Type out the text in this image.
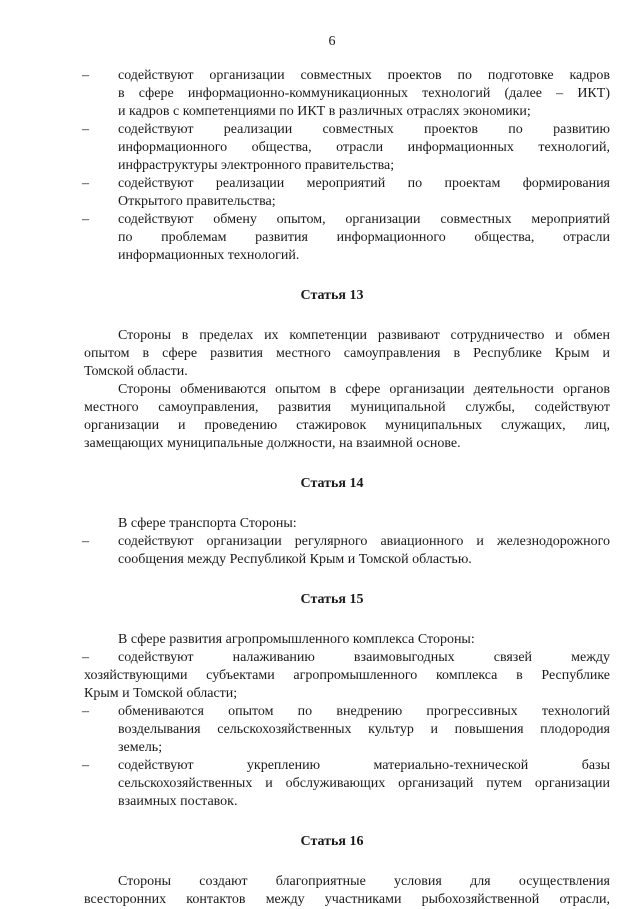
6
– содействуют организации совместных проектов по подготовке кадров
в сфере информационно-коммуникационных технологий (далее – ИКТ)
и кадров с компетенциями по ИКТ в различных отраслях экономики;
– содействуют реализации совместных проектов по развитию
информационного общества, отрасли информационных технологий,
инфраструктуры электронного правительства;
– содействуют реализации мероприятий по проектам формирования
Открытого правительства;
– содействуют обмену опытом, организации совместных мероприятий
по проблемам развития информационного общества, отрасли
информационных технологий.
Статья 13
Стороны в пределах их компетенции развивают сотрудничество и обмен
опытом в сфере развития местного самоуправления в Республике Крым и
Томской области.
Стороны обмениваются опытом в сфере организации деятельности органов
местного самоуправления, развития муниципальной службы, содействуют
организации и проведению стажировок муниципальных служащих, лиц,
замещающих муниципальные должности, на взаимной основе.
Статья 14
В сфере транспорта Стороны:
– содействуют организации регулярного авиационного и железнодорожного
сообщения между Республикой Крым и Томской областью.
Статья 15
В сфере развития агропромышленного комплекса Стороны:
– содействуют налаживанию взаимовыгодных связей между
хозяйствующими субъектами агропромышленного комплекса в Республике
Крым и Томской области;
– обмениваются опытом по внедрению прогрессивных технологий
возделывания сельскохозяйственных культур и повышения плодородия
земель;
– содействуют укреплению материально-технической базы
сельскохозяйственных и обслуживающих организаций путем организации
взаимных поставок.
Статья 16
Стороны создают благоприятные условия для осуществления
всесторонних контактов между участниками рыбохозяйственной отрасли,
